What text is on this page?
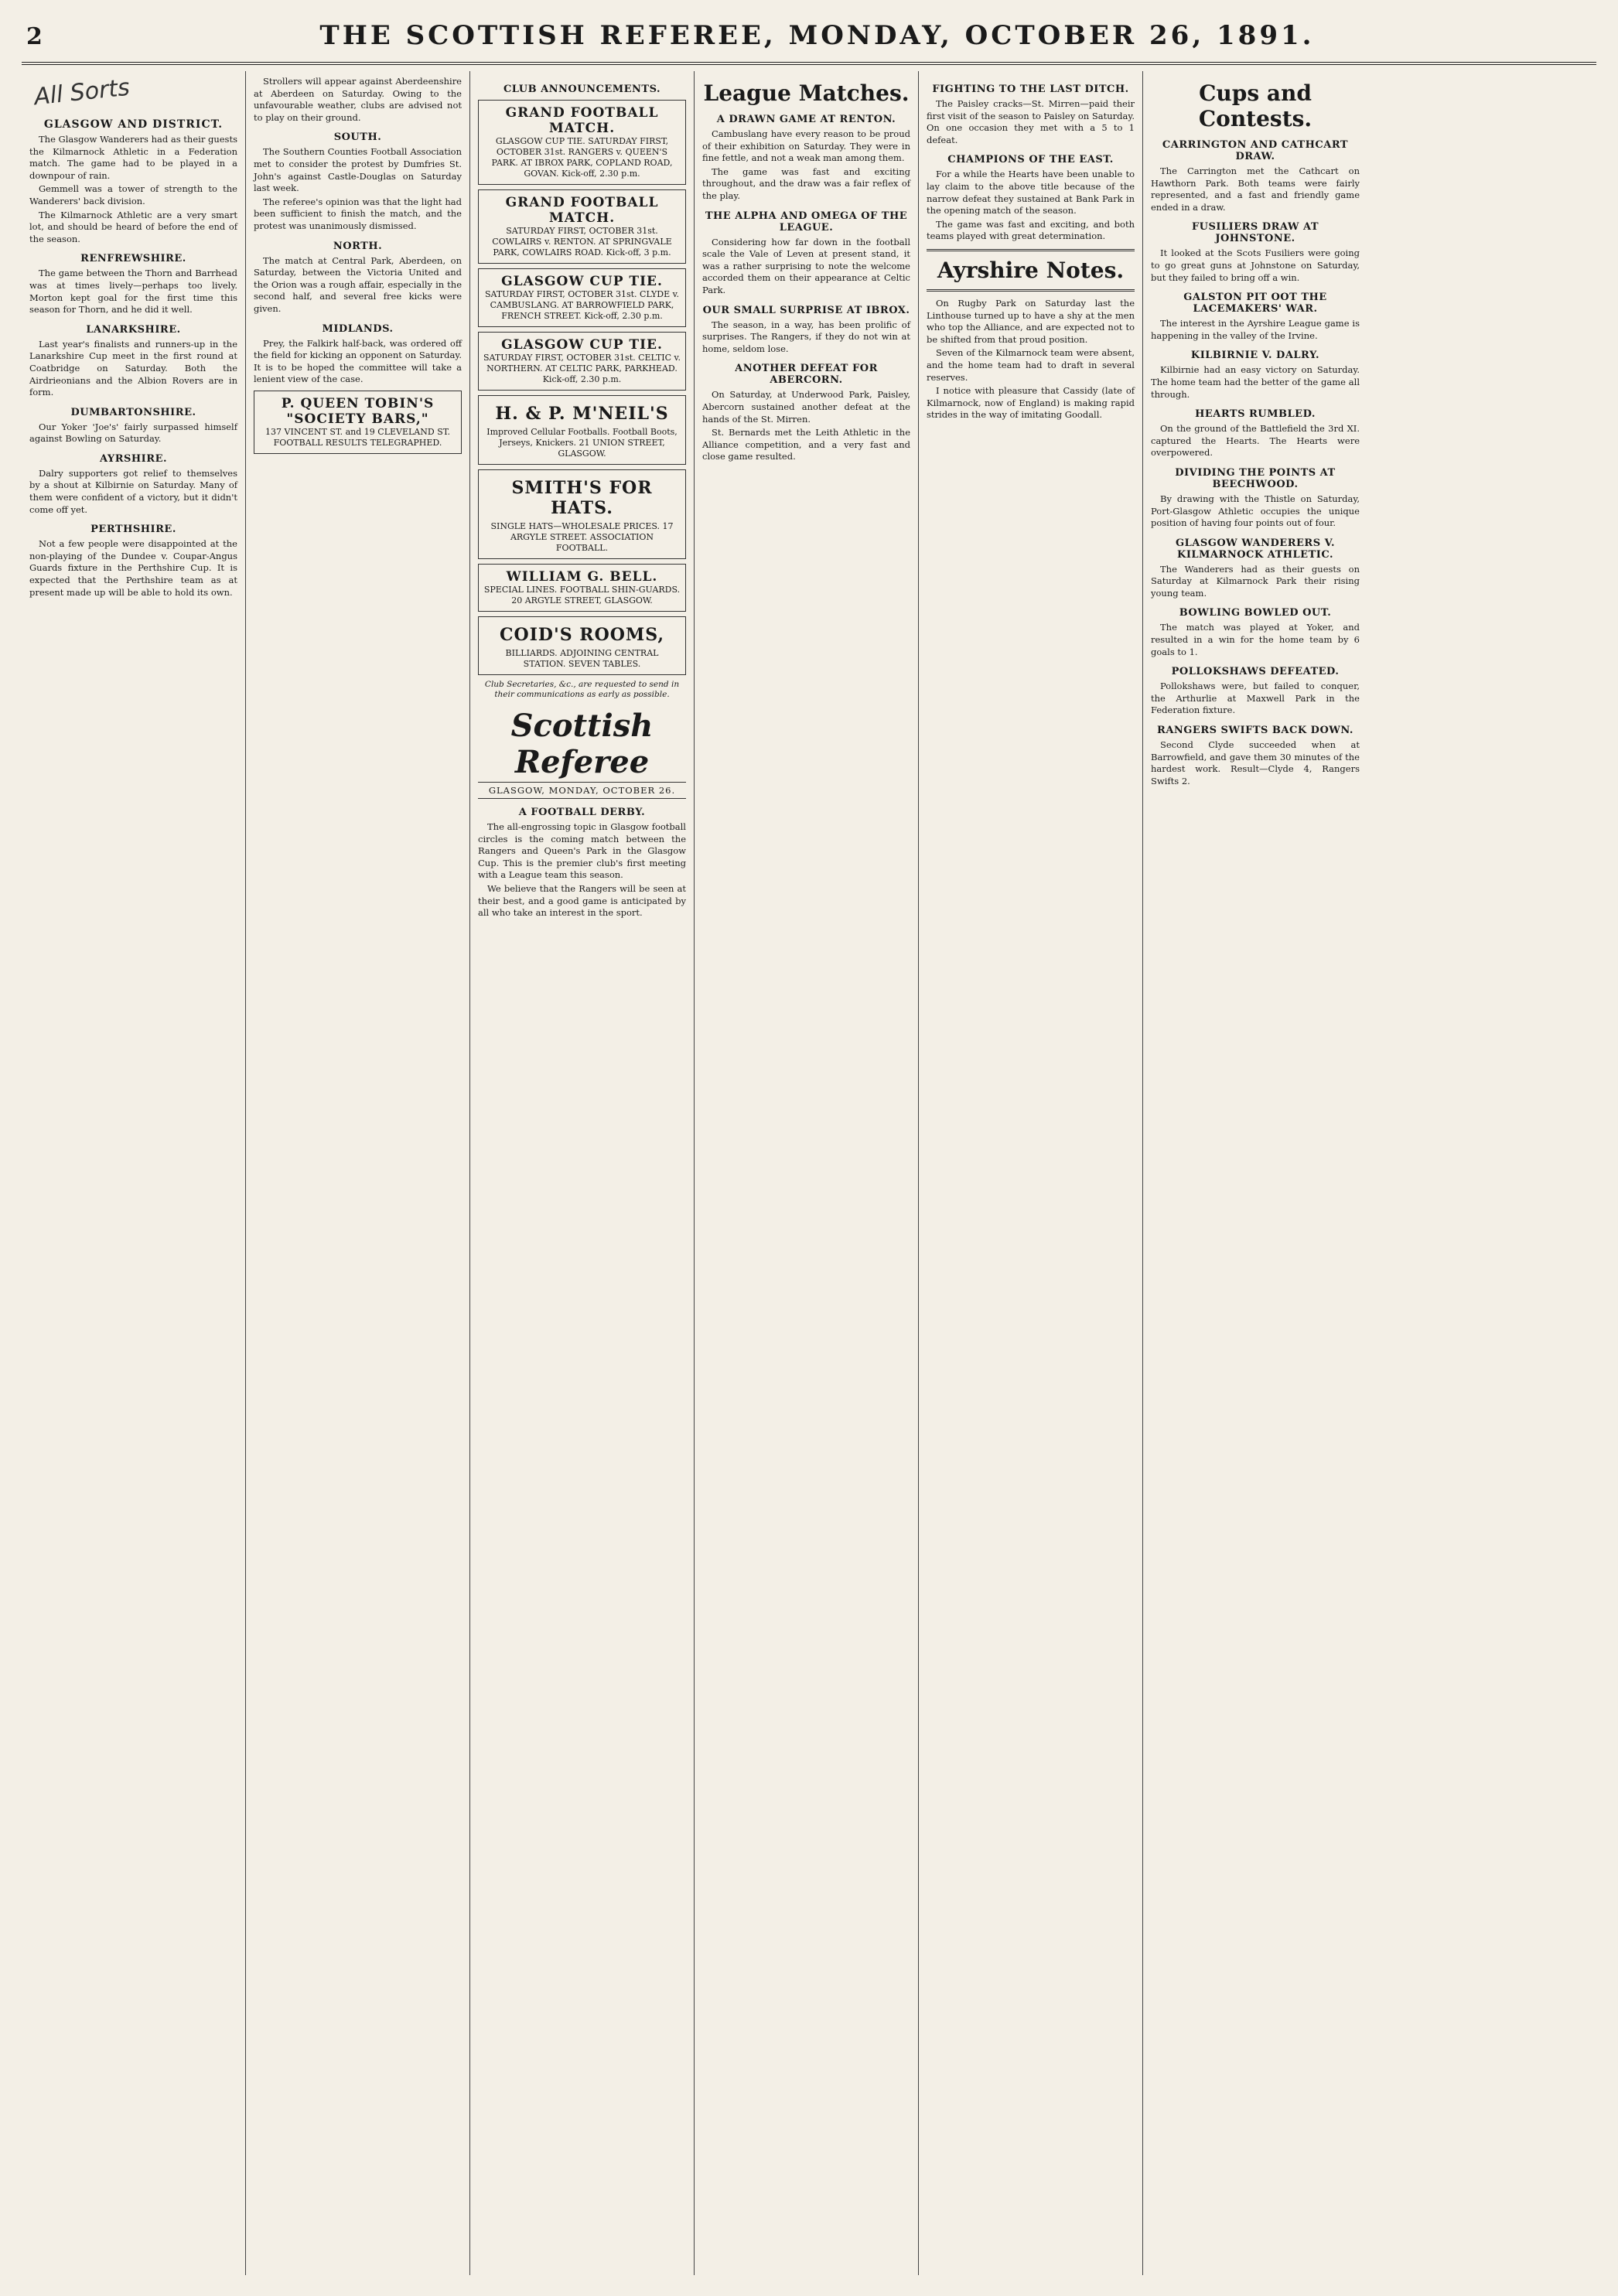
2	THE SCOTTISH REFEREE, MONDAY, OCTOBER 26, 1891.
All Sorts
GLASGOW AND DISTRICT.

The Glasgow Wanderers had as their guests the Kilmarnock Athletic in a Federation match. The game had to be played in a downpour of rain.

Gemmell was a tower of strength to the Wanderers' back division.

The Kilmarnock Athletic are a very smart lot, and should be heard of before the end of the season.

RENFREWSHIRE.

The game between the Thorn and Barrhead was at times lively—perhaps too lively. Morton kept goal for the first time this season for Thorn, and he did it well.

LANARKSHIRE.

Last year's finalists and runners-up in the Lanarkshire Cup meet in the first round at Coatbridge on Saturday. Both the Airdrieonians and the Albion Rovers are in form.

DUMBARTONSHIRE.

Our Yoker 'Joe's' fairly surpassed himself against Bowling on Saturday.

AYRSHIRE.

Dalry supporters got relief to themselves by a shout at Kilbirnie on Saturday. Many of them were confident of a victory, but it didn't come off yet.

PERTHSHIRE.

Not a few people were disappointed at the non-playing of the Dundee v. Coupar-Angus Guards fixture in the Perthshire Cup. It is expected that the Perthshire team as at present made up will be able to hold its own.

Strollers will appear against Aberdeenshire at Aberdeen on Saturday. Owing to the unfavourable weather, clubs are advised not to play on their ground.

SOUTH.

The Southern Counties Football Association met to consider the protest by Dumfries St. John's against Castle-Douglas on Saturday last week.

The referee's opinion was that the light had been sufficient to finish the match, and the protest was unanimously dismissed.

NORTH.

The match at Central Park, Aberdeen, on Saturday, between the Victoria United and the Orion was a rough affair, especially in the second half, and several free kicks were given.

MIDLANDS.

Prey, the Falkirk half-back, was ordered off the field for kicking an opponent on Saturday. It is to be hoped the committee will take a lenient view of the case.

P. QUEEN TOBIN'S "SOCIETY BARS,"
137 VINCENT ST. and 19 CLEVELAND ST. FOOTBALL RESULTS TELEGRAPHED.
CLUB ANNOUNCEMENTS.
GRAND FOOTBALL MATCH.
GLASGOW CUP TIE. SATURDAY FIRST, OCTOBER 31st. RANGERS v. QUEEN'S PARK. AT IBROX PARK, COPLAND ROAD, GOVAN. Kick-off, 2.30 p.m.
GRAND FOOTBALL MATCH.
SATURDAY FIRST, OCTOBER 31st. COWLAIRS v. RENTON. AT SPRINGVALE PARK, COWLAIRS ROAD. Kick-off, 3 p.m.
GLASGOW CUP TIE.
SATURDAY FIRST, OCTOBER 31st. CLYDE v. CAMBUSLANG. AT BARROWFIELD PARK, FRENCH STREET. Kick-off, 2.30 p.m.
GLASGOW CUP TIE.
SATURDAY FIRST, OCTOBER 31st. CELTIC v. NORTHERN. AT CELTIC PARK, PARKHEAD. Kick-off, 2.30 p.m.
H. & P. M'NEIL'S
Improved Cellular Footballs. Football Boots, Jerseys, Knickers. 21 UNION STREET, GLASGOW.
SMITH'S FOR HATS.
SINGLE HATS—WHOLESALE PRICES. 17 ARGYLE STREET. ASSOCIATION FOOTBALL.
WILLIAM G. BELL.
SPECIAL LINES. FOOTBALL SHIN-GUARDS. 20 ARGYLE STREET, GLASGOW.
COID'S ROOMS,
BILLIARDS. ADJOINING CENTRAL STATION. SEVEN TABLES.
Club Secretaries, &c., are requested to send in their communications as early as possible.
Scottish Referee
GLASGOW, MONDAY, OCTOBER 26.
A FOOTBALL DERBY.

The all-engrossing topic in Glasgow football circles is the coming match between the Rangers and Queen's Park in the Glasgow Cup. This is the premier club's first meeting with a League team this season.

We believe that the Rangers will be seen at their best, and a good game is anticipated by all who take an interest in the sport.

League Matches.
A DRAWN GAME AT RENTON.

Cambuslang have every reason to be proud of their exhibition on Saturday. They were in fine fettle, and not a weak man among them.

The game was fast and exciting throughout, and the draw was a fair reflex of the play.

THE ALPHA AND OMEGA OF THE LEAGUE.

Considering how far down in the football scale the Vale of Leven at present stand, it was a rather surprising to note the welcome accorded them on their appearance at Celtic Park.

OUR SMALL SURPRISE AT IBROX.

The season, in a way, has been prolific of surprises. The Rangers, if they do not win at home, seldom lose.

ANOTHER DEFEAT FOR ABERCORN.

On Saturday, at Underwood Park, Paisley, Abercorn sustained another defeat at the hands of the St. Mirren.

St. Bernards met the Leith Athletic in the Alliance competition, and a very fast and close game resulted.

FIGHTING TO THE LAST DITCH.

The Paisley cracks—St. Mirren—paid their first visit of the season to Paisley on Saturday. On one occasion they met with a 5 to 1 defeat.

CHAMPIONS OF THE EAST.

For a while the Hearts have been unable to lay claim to the above title because of the narrow defeat they sustained at Bank Park in the opening match of the season.

The game was fast and exciting, and both teams played with great determination.

Ayrshire Notes.

On Rugby Park on Saturday last the Linthouse turned up to have a shy at the men who top the Alliance, and are expected not to be shifted from that proud position.

Seven of the Kilmarnock team were absent, and the home team had to draft in several reserves.

I notice with pleasure that Cassidy (late of Kilmarnock, now of England) is making rapid strides in the way of imitating Goodall.

Cups and Contests.
CARRINGTON AND CATHCART DRAW.

The Carrington met the Cathcart on Hawthorn Park. Both teams were fairly represented, and a fast and friendly game ended in a draw.

FUSILIERS DRAW AT JOHNSTONE.

It looked at the Scots Fusiliers were going to go great guns at Johnstone on Saturday, but they failed to bring off a win.

GALSTON PIT OOT THE LACEMAKERS' WAR.

The interest in the Ayrshire League game is happening in the valley of the Irvine.

KILBIRNIE V. DALRY.

Kilbirnie had an easy victory on Saturday. The home team had the better of the game all through.

HEARTS RUMBLED.

On the ground of the Battlefield the 3rd XI. captured the Hearts. The Hearts were overpowered.

DIVIDING THE POINTS AT BEECHWOOD.

By drawing with the Thistle on Saturday, Port-Glasgow Athletic occupies the unique position of having four points out of four.

GLASGOW WANDERERS V. KILMARNOCK ATHLETIC.

The Wanderers had as their guests on Saturday at Kilmarnock Park their rising young team.

BOWLING BOWLED OUT.

The match was played at Yoker, and resulted in a win for the home team by 6 goals to 1.

POLLOKSHAWS DEFEATED.

Pollokshaws were, but failed to conquer, the Arthurlie at Maxwell Park in the Federation fixture.

RANGERS SWIFTS BACK DOWN.

Second Clyde succeeded when at Barrowfield, and gave them 30 minutes of the hardest work. Result—Clyde 4, Rangers Swifts 2.
